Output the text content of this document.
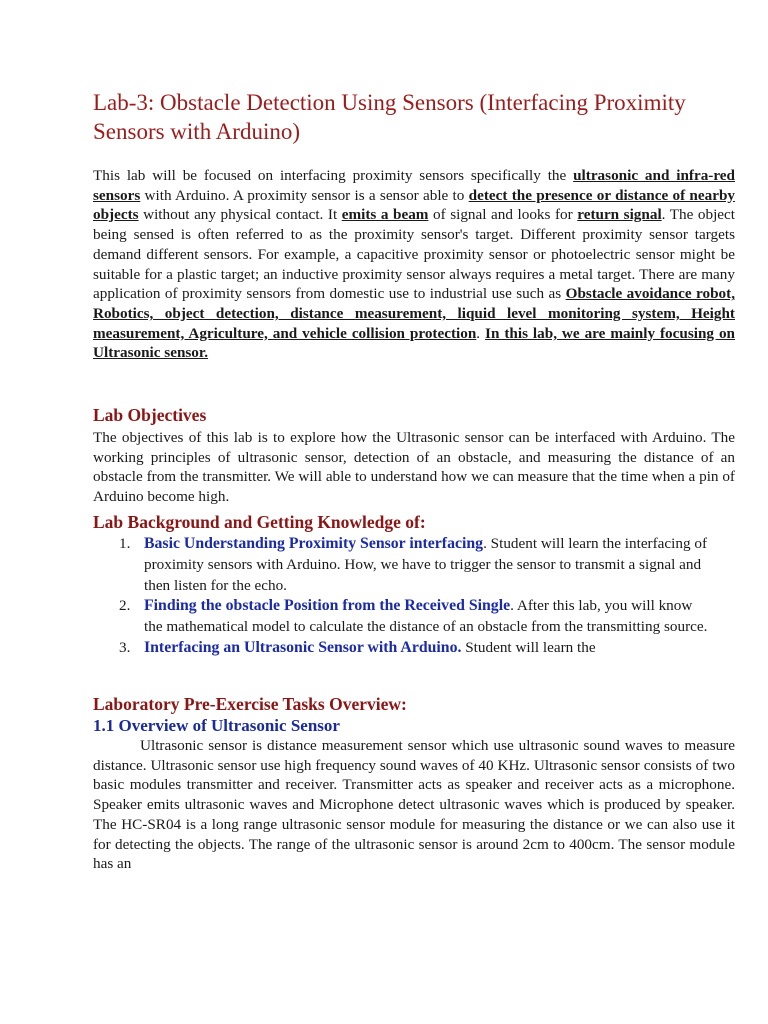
Lab-3: Obstacle Detection Using Sensors (Interfacing Proximity Sensors with Arduino)
This lab will be focused on interfacing proximity sensors specifically the ultrasonic and infra-red sensors with Arduino. A proximity sensor is a sensor able to detect the presence or distance of nearby objects without any physical contact. It emits a beam of signal and looks for return signal. The object being sensed is often referred to as the proximity sensor's target. Different proximity sensor targets demand different sensors. For example, a capacitive proximity sensor or photoelectric sensor might be suitable for a plastic target; an inductive proximity sensor always requires a metal target. There are many application of proximity sensors from domestic use to industrial use such as Obstacle avoidance robot, Robotics, object detection, distance measurement, liquid level monitoring system, Height measurement, Agriculture, and vehicle collision protection. In this lab, we are mainly focusing on Ultrasonic sensor.
Lab Objectives
The objectives of this lab is to explore how the Ultrasonic sensor can be interfaced with Arduino. The working principles of ultrasonic sensor, detection of an obstacle, and measuring the distance of an obstacle from the transmitter. We will able to understand how we can measure that the time when a pin of Arduino become high.
Lab Background and Getting Knowledge of:
1. Basic Understanding Proximity Sensor interfacing. Student will learn the interfacing of proximity sensors with Arduino. How, we have to trigger the sensor to transmit a signal and then listen for the echo.
2. Finding the obstacle Position from the Received Single. After this lab, you will know the mathematical model to calculate the distance of an obstacle from the transmitting source.
3. Interfacing an Ultrasonic Sensor with Arduino. Student will learn the
Laboratory Pre-Exercise Tasks Overview:
1.1 Overview of Ultrasonic Sensor
Ultrasonic sensor is distance measurement sensor which use ultrasonic sound waves to measure distance. Ultrasonic sensor use high frequency sound waves of 40 KHz. Ultrasonic sensor consists of two basic modules transmitter and receiver. Transmitter acts as speaker and receiver acts as a microphone. Speaker emits ultrasonic waves and Microphone detect ultrasonic waves which is produced by speaker. The HC-SR04 is a long range ultrasonic sensor module for measuring the distance or we can also use it for detecting the objects. The range of the ultrasonic sensor is around 2cm to 400cm. The sensor module has an
